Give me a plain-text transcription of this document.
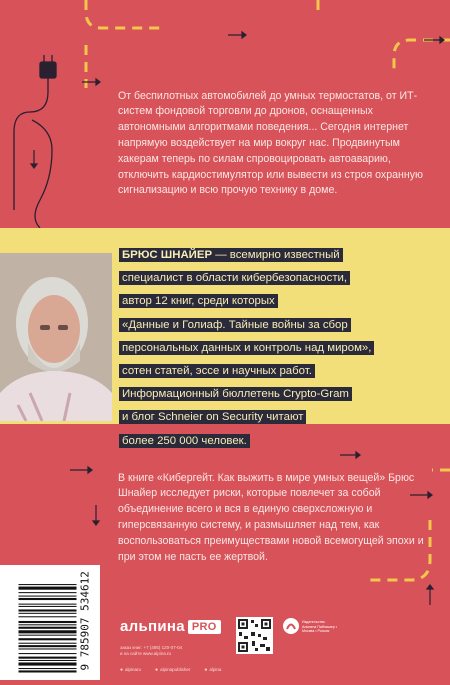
От беспилотных автомобилей до умных термостатов, от ИТ-систем фондовой торговли до дронов, оснащенных автономными алгоритмами поведения... Сегодня интернет напрямую воздействует на мир вокруг нас. Продвинутым хакерам теперь по силам спровоцировать автоаварию, отключить кардиостимулятор или вывести из строя охранную сигнализацию и всю прочую технику в доме.

БРЮС ШНАЙЕР — всемирно известный
специалист в области кибербезопасности,
автор 12 книг, среди которых
«Данные и Голиаф. Тайные войны за сбор
персональных данных и контроль над миром»,
сотен статей, эссе и научных работ.
Информационный бюллетень Crypto-Gram
и блог Schneier on Security читают
более 250 000 человек.

В книге «Кибергейт. Как выжить в мире умных вещей» Брюс Шнайер исследует риски, которые повлечет за собой объединение всего и вся в единую сверхсложную и гиперсвязанную систему, и размышляет над тем, как воспользоваться преимуществами новой всемогущей эпохи и при этом не пасть ее жертвой.

9 785907 534612 альпина PRO
заказ книг: +7 (495) 120-07-04
и на сайте www.alpina.ru
● alpinaru	● alpinapublisher	● alpina
Издательство Альпина Паблишер • Москва • Россия
